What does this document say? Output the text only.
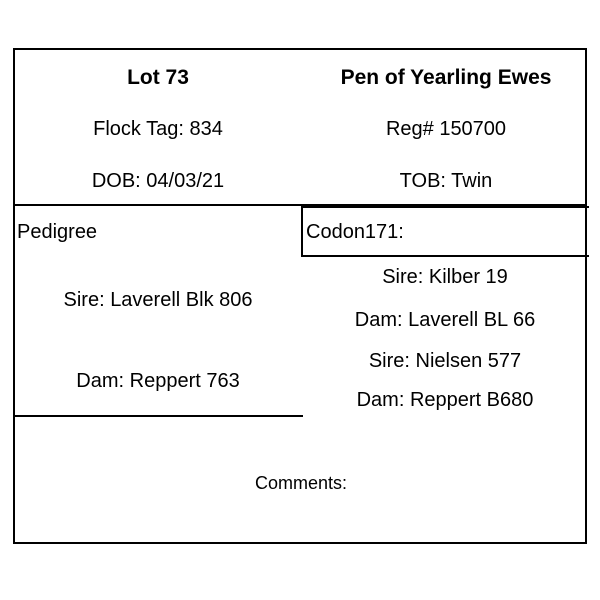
Lot 73	Pen of Yearling Ewes
Flock Tag: 834	Reg# 150700
DOB: 04/03/21	TOB: Twin
Pedigree
Sire: Laverell Blk 806
Dam: Reppert 763
Codon171:
Sire: Kilber 19
Dam: Laverell BL 66
Sire: Nielsen 577
Dam: Reppert B680
Comments:
